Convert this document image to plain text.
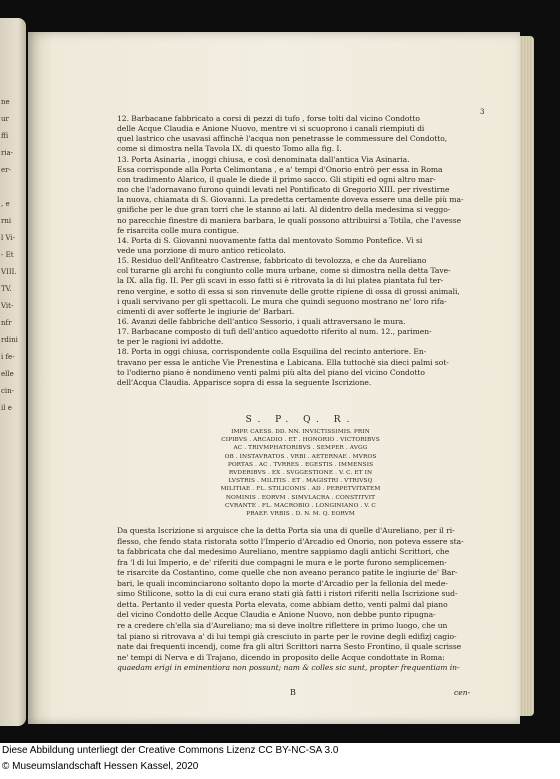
ne
ur
ffi
ria-
er-
, e
rni
l Vi-
- Et
VIII.
TV.
Vit-
nfr
rdini
i fe-
elle
cin-
il e

3

12. Barbacane fabbricato a corsi di pezzi di tufo , forse tolti dal vicino Condotto
delle Acque Claudia e Anione Nuovo, mentre vi si scuoprono i canali riempiuti di
quel lastrico che usavasi affinchè l'acqua non penetrasse le commessure del Condotto,
come si dimostra nella Tavola IX. di questo Tomo alla fig. I.
13. Porta Asinaria , inoggi chiusa, e così denominata dall'antica Via Asinaria.
Essa corrisponde alla Porta Celimontana , e a' tempi d'Onorio entrò per essa in Roma
con tradimento Alarico, il quale le diede il primo sacco. Gli stipiti ed ogni altro mar-
mo che l'adornavano furono quindi levati nel Pontificato di Gregorio XIII. per rivestirne
la nuova, chiamata di S. Giovanni. La predetta certamente doveva essere una delle più ma-
gnifiche per le due gran torri che le stanno ai lati. Al didentro della medesima si veggo-
no parecchie finestre di maniera barbara, le quali possono attribuirsi a Totila, che l'avesse
fe risarcita colle mura contigue.
14. Porta di S. Giovanni nuovamente fatta dal mentovato Sommo Pontefice. Vi si
vede una porzione di muro antico reticolato.
15. Residuo dell'Anfiteatro Castrense, fabbricato di tevolozza, e che da Aureliano
col turarne gli archi fu congiunto colle mura urbane, come si dimostra nella detta Tave-
la IX. alla fig. II. Per gli scavi in esso fatti si è ritrovata la di lui platea piantata ful ter-
reno vergine, e sotto di essa si son rinvenute delle grotte ripiene di ossa di grossi animali,
i quali servivano per gli spettacoli. Le mura che quindi seguono mostrano ne' loro rifa-
cimenti di aver sofferte le ingiurie de' Barbari.
16. Avanzi delle fabbriche dell'antico Sessorio, i quali attraversano le mura.
17. Barbacane composto di tufi dell'antico aquedotto riferito al num. 12., parimen-
te per le ragioni ivi addotte.
18. Porta in oggi chiusa, corrispondente colla Esquilina del recinto anteriore. En-
travano per essa le antiche Vie Prenestina e Labicana. Ella tuttochè sia dieci palmi sot-
to l'odierno piano è nondimeno venti palmi più alta del piano del vicino Condotto
dell'Acqua Claudia. Apparisce sopra di essa la seguente Iscrizione.
S. P. Q. R.
IMPP. CAESS. DD. NN. INVICTISSIMIS. PRIN
CIPIBVS . ARCADIO . ET . HONORIO . VICTORIBVS
AC . TRIVMPHATORIBVS . SEMPER . AVGG
OB . INSTAVRATOS . VRBI . AETERNAE . MVROS
PORTAS . AC . TVRRES . EGESTIS . IMMENSIS
RVDERIBVS . EX . SVGGESTIONE . V. C. ET IN
LVSTRIS . MILITIS . ET . MAGISTRI . VTRIVSQ
MILITIAE . FL. STILICONIS . AD . PERPETVITATEM
NOMINIS . EORVM . SIMVLACRA . CONSTITVIT
CVRANTE . FL. MACROBIO . LONGINIANO . V. C
PRAEF. VRBIS . D. N. M. Q. EORVM
Da questa Iscrizione si arguisce che la detta Porta sia una di quelle d'Aureliano, per il ri-
flesso, che fendo stata ristorata sotto l'Imperio d'Arcadio ed Onorio, non poteva essere sta-
ta fabbricata che dal medesimo Aureliano, mentre sappiamo dagli antichi Scrittori, che
fra 'l di lui Imperio, e de' riferiti due compagni le mura e le porte furono semplicemen-
te risarcite da Costantino, come quelle che non aveano peranco patite le ingiurie de' Bar-
bari, le quali incominciarono soltanto dopo la morte d'Arcadio per la fellonia del mede-
simo Stilicone, sotto la di cui cura erano stati già fatti i ristori riferiti nella Iscrizione sud-
detta. Pertanto il veder questa Porta elevata, come abbiam detto, venti palmi dal piano
del vicino Condotto delle Acque Claudia e Anione Nuovo, non debbe punto ripugna-
re a credere ch'ella sia d'Aureliano; ma si deve inoltre riflettere in primo luogo, che un
tal piano si ritrovava a' di lui tempi già cresciuto in parte per le rovine degli edifizj cagio-
nate dai frequenti incendj, come fra gli altri Scrittori narra Sesto Frontino, il quale scrisse
ne' tempi di Nerva e di Trajano, dicendo in proposito delle Acque condottate in Roma:
quaedam erigi in eminentiora non possunt; nam & colles sic sunt, propter frequentiam in-

B	cen-

Diese Abbildung unterliegt der Creative Commons Lizenz CC BY-NC-SA 3.0
© Museumslandschaft Hessen Kassel, 2020
